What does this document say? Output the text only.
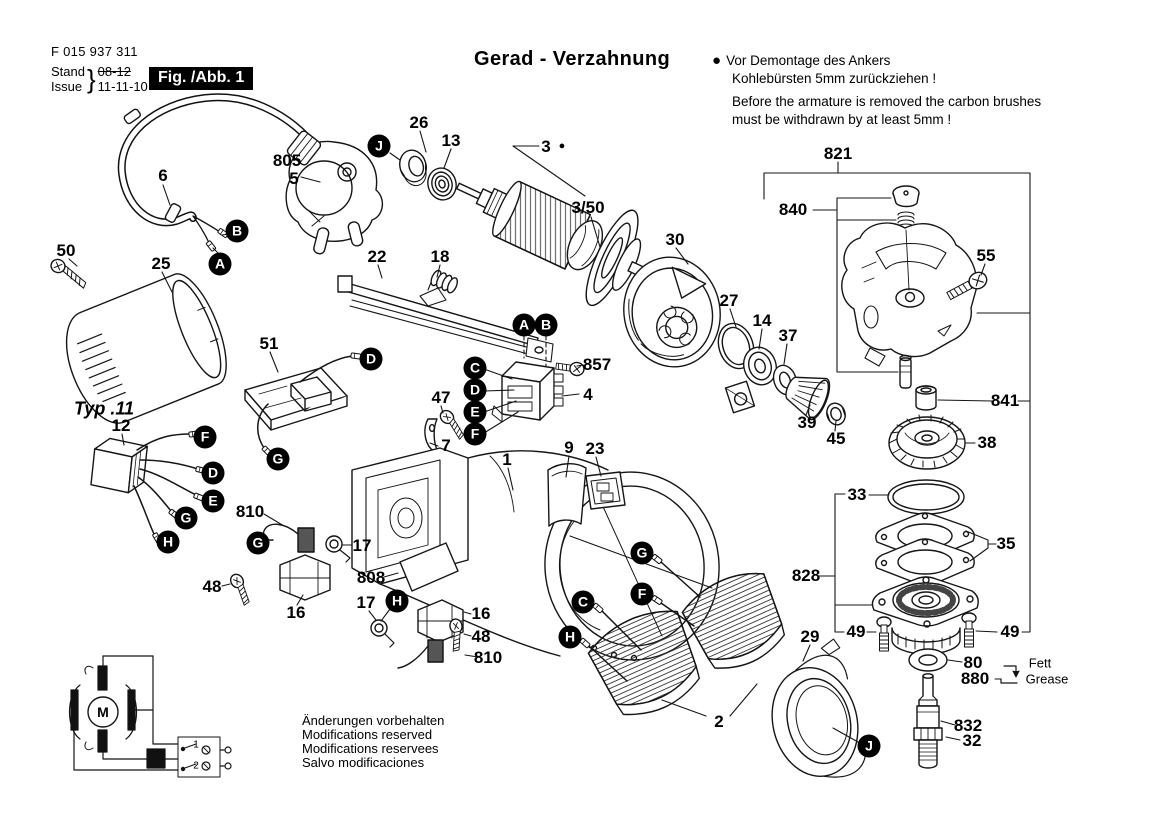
F 015 937 311
Stand
Issue } 08-12
11-11-10
Fig. /Abb. 1
Gerad - Verzahnung	● Vor Demontage des Ankers
Kohlebürsten 5mm zurückziehen !
Before the armature is removed the carbon brushes
must be withdrawn by at least 5mm !
Änderungen vorbehalten
Modifications reserved
Modifications reservees
Salvo modificaciones
M
1
2
6
805
5
26
13	3 ●
3/50
50
25	22	18
30
27
14
37
39
45
857
4
47
7
51
12
810
17
48
16
808
17
16
48
810
1
9 23
2
29
821
840
55
841
38
33
35
828
49	49
80
880
832
32
Typ .11
Fett
Grease
J
B
A
A B
C
D
E
F
D
G
F
D
E
G
H	G
H
G
F
C
H
J
